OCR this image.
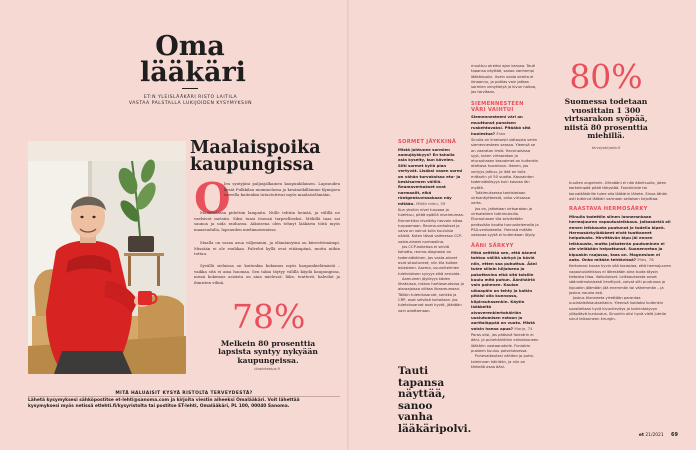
Oma
lääkäri
ET:N YLEISLÄÄKÄRI RISTO LAITILA
VASTAA PALSTALLA LUKIJOIDEN KYSYMYKSIIN
Maalaispoika
kaupungissa
O
len syntyjäni paljasjalkainen kaupunkilainen. Lapsuuden kesät Pulkkilan mummolassa ja kesämökillämme Kymijoen varrella kuitenkin tutustuttivat myös maalaiselämään.
Mummolassa pidettiin lampaita. Niille tehtiin heinää, ja välillä ne vaelsivat metsiin. Siksi tunsi itsensä tarpeelliseksi. Mökillä taas sai saunoa ja uida rauhassa. Aikuisena olen tehnyt lääkärin töitä myös maaseudulla, lapsuuden mielimaisemissa.
Maalla on varaa asua väljemmin, ja elämänrytmi on kiireettömämpi. Missään ei ole ruuhkaa. Palvelut kyllä ovat etäämpänä, mutta niihin tottuu.
Syvällä sieluissa on kuitenkin kokemus myös kaupunkielämästä – vaikka sitä ei aina huomaa. Sen takia täytyy välillä käydä kaupungissa, missä kokemus asioista on aina mielessä: liike, teatterit, kahvilat ja ihmisten vilinä.
78%
Melkein 80 prosenttia
lapsista syntyy nykyään
kaupungeissa.
tilastokeskus.fi
MITÄ HALUAISIT KYSYÄ RISTOLTA TERVEYDESTÄ?
Lähetä kysymyksesi sähköpostitse et-lehti@sanoma.com ja kirjoita viestin aiheeksi Omalääkäri. Voit lähettää
kysymyksesi myös netissä etlehti.fi/kysyristolta tai postitse ET-lehti, Omalääkäri, PL 100, 00040 Sanoma.
SORMET JÄYKKINÄ
Mistä johtunee sormien aamujäykkyys? En taholla asia kyselty, kun kävelen. Silti sormet kyllä pian vertyvät. Lisäksi vasen sormi on vähän turvoksissa etu- ja keskisormen välillä. Reumaverkokset ovat normaalit, eikä röntgenkuvissakaan näy mitään. Mitäh mieu, 59
Kun yksikin nivel turpoaa ja tulehtuu, pitää epäillä nivelreumaa. Esimerkiksi nivelkiky harvoin alkaa turpoamaan. Reuma-verkokset ja vaiva on voinut tulla kuuluisia näistä. Kuten tässä vaiheessa CCP-vasta-aineet normaalina.
Jos CCP-kokeissa ei selviä kohotta, reuma-diagnoosi on todennäköinen. Jos vasta-aineet ovat sitoutuneet, niin tila kulkee esiasteen. Asema, suunnitelmien tulehduksen syvyys eikä arvioida.
Aamuinen jäykkyys käden lihaksissa, niskan hartiaseudussa ja alaraajoissa viittaa lihasreumaan. Tällöin tulehdusarvot, senkka ja CRP, ovat selvästi kohollaan. Jos tulehdusarvot ovat hyvät, jäädään vain odottamaan.
Tauti tapansa
näyttää,
sanoo vanha
lääkäripolvi.
muuttuu oireiksi ajan kanssa. Tauti tapansa näyttää, sanoo vanhempi lääkäripolvi. Usein voida oireita ei ilmaannu, ja potilas vain jatkaa sormien venyttelyä ja kivun hoitoa, jos tarvitaan.
SIEMENNESTEEN
VÄRI VAIHTUI
Siemennesteeni väri on muuttunut punaisen ruskehtavaksi. Pitääkö sitä huolestua? Esko
Sinulla on ilmeisesti sidtausta verta siemennesteen seassa. Yleensä se on vaaraton ilmiö. Harvinaisissa syyt, kuten virtsarakon ja eturauhasen kasvaimet on kuitenkin otettava huomioon. Ikenen, jos veriyys jatkuu, ja iktä on tulla mittariin yli 50 vuotta. Kasvainten todennäköisyys kuin kasvaa iän myötä.
Tutkimuksessa tarkistetaan virtsanäytteestä, onko virtsassa verta.
Jos on, jatketaan virtsarakon ja virtsateiden tutkimuksilla. Eturauhasen tila selvitetään perässään kautta tunnustelemalla ja PSA-verikokeella. Yleensä mitään vakavaa syytä ei kuitenkaan löydy.
ÄÄNI SÄRKYY
Mikä selittää sen, että ääneni tahtoo välillä särkyä ja häviä niin, etten saa puhuttua. Ääni tulee silloin hiljaisena ja pakottavina eikä sitä toisille kuulu mitä puhun. Äänihäiriö vain pahenee. Kaulan ulkoapäin on tehty ja kaikin pitäisi olla kunnossa, kilpirauhasenkin. Käytin lääkkeitä aivoverenkiertohäiriön uusiutumisen estoon ja aorttaläppää on vuoto. Mistä voisin haeaa apua? Marja, 74
Paras olisi, jos pääsisit foniatrin ei ääni- ja puhehäiriöihin erikoistuneen lääkärin vastaanotolle. Foniatrin puoleen kuuluu palveluksessa.
Puhevaikeutesi vähiten ja puhe-toiminnan häiriöön, ja niin on tärkeää osaa ääni-
80%
Suomessa todetaan
vuosittain 1 300
virtsarakon syöpää,
niistä 80 prosenttia
miehillä.
terveyskirjasto.fi
huulten ongelmiin. Ultraääni ei näe äänihuulia, joten korkeimpää pitää tähystää. Foniatrialle tai korvalääkärille tulee olla lääkärin lähete. Sinua tähän asti tutkinut lääkäri varmaan sellaisen kirjoittaa.
RAASTAVA HERMOSÄRKY
Minulla todettiin siinen lannerankaan hermojuuren vapautusleikkaus. Jalkasärkiä oli ennen leikkausta puutunut ja todella kipeä. Hermosärkylääkkeet eivät tuottaneet helpotusta. Hirvittävän kipu jäi ennen leikkausta, mutta jalkaterän puutuminen ei ole vieläkään helpottunut. Suonenvetoa ja kipuakin raajassa, taas on. Magnesium ei auta. Onko mitään tehtävissä? Mies, 76
Kertomasi kuvaa hyvin sitä tosiasiaa, että hermojuuren vapautusleikkaus ei läheskään aina tuota täysin tietoista tilaa. Vaikutukset. Leikkauksesta onset säännömukaisesti lievittyvä, voivat silti puutunoa ja kipuakin jäämään jää enemmän tai vähemmän – ja joskus nousta asti.
Joskus tilanneeta yrtettään parantaa uusintaleikkauksellakin. Yleensä hoidoksi kuitenkin suositellaan hyvä kivunlievitys ja toimintakyvyn ylläpitävä kuntoutus. Sinunkin olisi hyvä vielä jutella sinut leikanneen kirurgin.
et 21/2021 69
